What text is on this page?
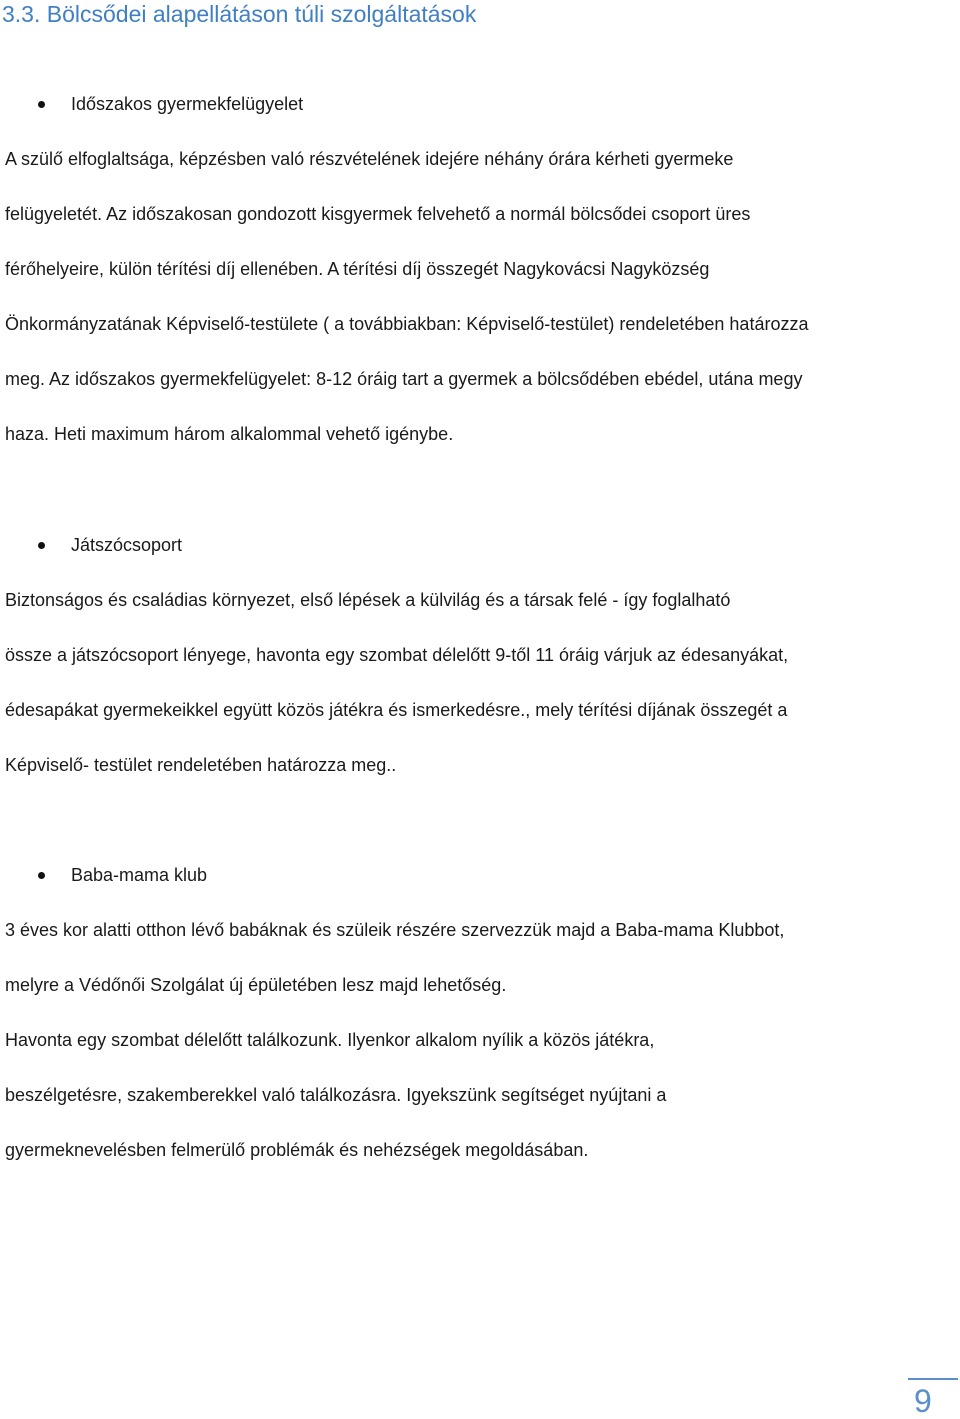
3.3. Bölcsődei alapellátáson túli szolgáltatások
Időszakos gyermekfelügyelet
A szülő elfoglaltsága, képzésben való részvételének idejére néhány órára kérheti gyermeke
felügyeletét. Az időszakosan gondozott kisgyermek felvehető a normál bölcsődei csoport üres
férőhelyeire, külön térítési díj ellenében. A térítési díj összegét Nagykovácsi Nagyközség
Önkormányzatának Képviselő-testülete ( a továbbiakban: Képviselő-testület) rendeletében határozza
meg. Az időszakos gyermekfelügyelet: 8-12 óráig tart a gyermek a bölcsődében ebédel, utána megy
haza. Heti maximum három alkalommal vehető igénybe.
Játszócsoport
Biztonságos és családias környezet, első lépések a külvilág és a társak felé - így foglalható
össze a játszócsoport lényege, havonta egy szombat délelőtt 9-től 11 óráig várjuk az édesanyákat,
édesapákat gyermekeikkel együtt közös játékra és ismerkedésre., mely térítési díjának összegét a
Képviselő- testület rendeletében határozza meg..
Baba-mama klub
3 éves kor alatti otthon lévő babáknak és szüleik részére szervezzük majd a Baba-mama Klubbot,
melyre a Védőnői Szolgálat új épületében lesz majd lehetőség.
Havonta egy szombat délelőtt találkozunk. Ilyenkor alkalom nyílik a közös játékra,
beszélgetésre, szakemberekkel való találkozásra. Igyekszünk segítséget nyújtani a
gyermeknevelésben felmerülő problémák és nehézségek megoldásában.
9
